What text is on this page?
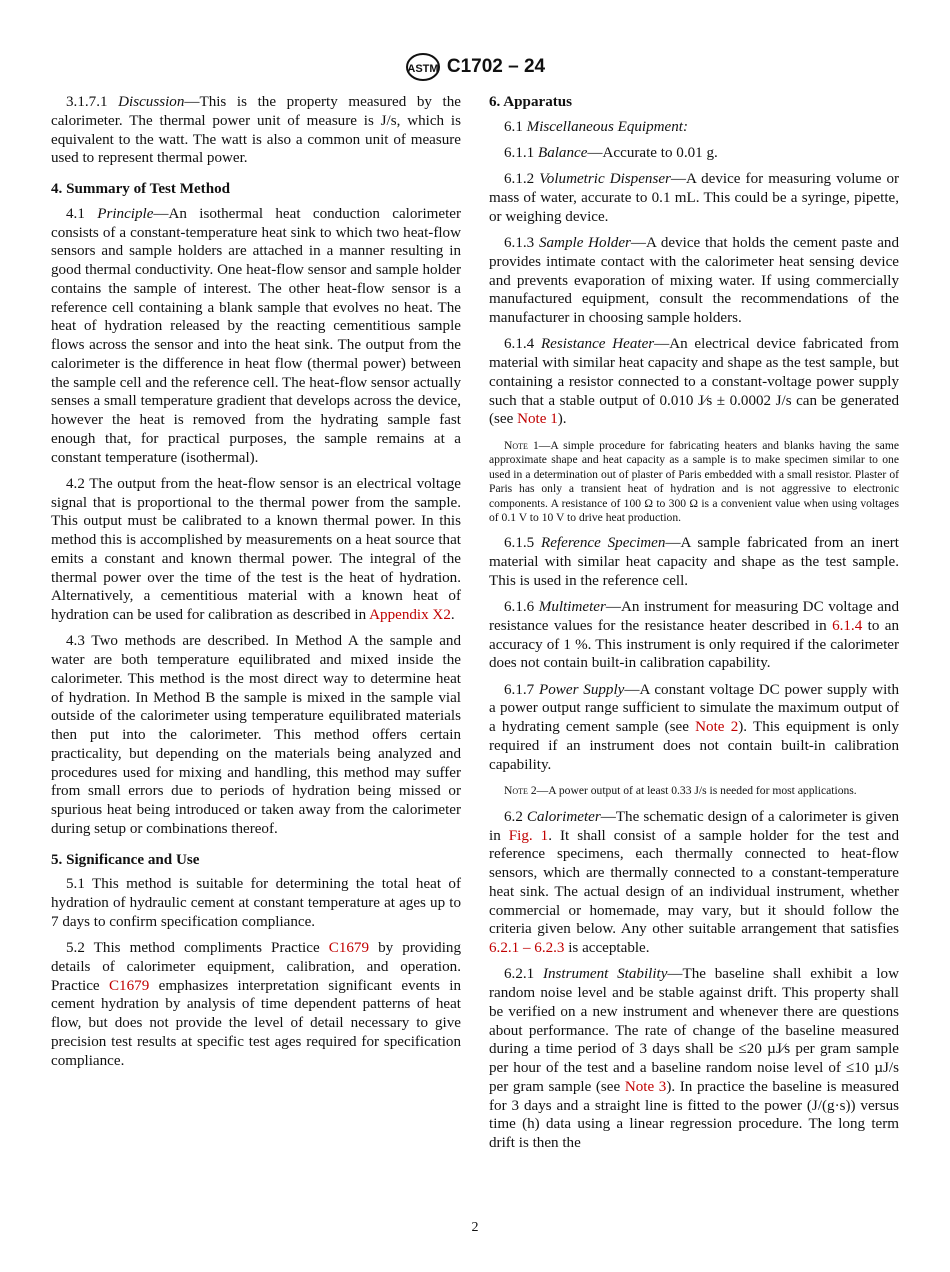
ASTM C1702 – 24
3.1.7.1 Discussion—This is the property measured by the calorimeter. The thermal power unit of measure is J/s, which is equivalent to the watt. The watt is also a common unit of measure used to represent thermal power.
4. Summary of Test Method
4.1 Principle—An isothermal heat conduction calorimeter consists of a constant-temperature heat sink to which two heat-flow sensors and sample holders are attached in a manner resulting in good thermal conductivity. One heat-flow sensor and sample holder contains the sample of interest. The other heat-flow sensor is a reference cell containing a blank sample that evolves no heat. The heat of hydration released by the reacting cementitious sample flows across the sensor and into the heat sink. The output from the calorimeter is the difference in heat flow (thermal power) between the sample cell and the reference cell. The heat-flow sensor actually senses a small temperature gradient that develops across the device, however the heat is removed from the hydrating sample fast enough that, for practical purposes, the sample remains at a constant temperature (isothermal).
4.2 The output from the heat-flow sensor is an electrical voltage signal that is proportional to the thermal power from the sample. This output must be calibrated to a known thermal power. In this method this is accomplished by measurements on a heat source that emits a constant and known thermal power. The integral of the thermal power over the time of the test is the heat of hydration. Alternatively, a cementitious material with a known heat of hydration can be used for calibration as described in Appendix X2.
4.3 Two methods are described. In Method A the sample and water are both temperature equilibrated and mixed inside the calorimeter. This method is the most direct way to determine heat of hydration. In Method B the sample is mixed in the sample vial outside of the calorimeter using temperature equilibrated materials then put into the calorimeter. This method offers certain practicality, but depending on the materials being analyzed and procedures used for mixing and handling, this method may suffer from small errors due to periods of hydration being missed or spurious heat being introduced or taken away from the calorimeter during setup or combinations thereof.
5. Significance and Use
5.1 This method is suitable for determining the total heat of hydration of hydraulic cement at constant temperature at ages up to 7 days to confirm specification compliance.
5.2 This method compliments Practice C1679 by providing details of calorimeter equipment, calibration, and operation. Practice C1679 emphasizes interpretation significant events in cement hydration by analysis of time dependent patterns of heat flow, but does not provide the level of detail necessary to give precision test results at specific test ages required for specification compliance.
6. Apparatus
6.1 Miscellaneous Equipment:
6.1.1 Balance—Accurate to 0.01 g.
6.1.2 Volumetric Dispenser—A device for measuring volume or mass of water, accurate to 0.1 mL. This could be a syringe, pipette, or weighing device.
6.1.3 Sample Holder—A device that holds the cement paste and provides intimate contact with the calorimeter heat sensing device and prevents evaporation of mixing water. If using commercially manufactured equipment, consult the recommendations of the manufacturer in choosing sample holders.
6.1.4 Resistance Heater—An electrical device fabricated from material with similar heat capacity and shape as the test sample, but containing a resistor connected to a constant-voltage power supply such that a stable output of 0.010 J⁄s ± 0.0002 J/s can be generated (see Note 1).
Note 1—A simple procedure for fabricating heaters and blanks having the same approximate shape and heat capacity as a sample is to make specimen similar to one used in a determination out of plaster of Paris embedded with a small resistor. Plaster of Paris has only a transient heat of hydration and is not aggressive to electronic components. A resistance of 100 Ω to 300 Ω is a convenient value when using voltages of 0.1 V to 10 V to drive heat production.
6.1.5 Reference Specimen—A sample fabricated from an inert material with similar heat capacity and shape as the test sample. This is used in the reference cell.
6.1.6 Multimeter—An instrument for measuring DC voltage and resistance values for the resistance heater described in 6.1.4 to an accuracy of 1 %. This instrument is only required if the calorimeter does not contain built-in calibration capability.
6.1.7 Power Supply—A constant voltage DC power supply with a power output range sufficient to simulate the maximum output of a hydrating cement sample (see Note 2). This equipment is only required if an instrument does not contain built-in calibration capability.
Note 2—A power output of at least 0.33 J/s is needed for most applications.
6.2 Calorimeter—The schematic design of a calorimeter is given in Fig. 1. It shall consist of a sample holder for the test and reference specimens, each thermally connected to heat-flow sensors, which are thermally connected to a constant-temperature heat sink. The actual design of an individual instrument, whether commercial or homemade, may vary, but it should follow the criteria given below. Any other suitable arrangement that satisfies 6.2.1 – 6.2.3 is acceptable.
6.2.1 Instrument Stability—The baseline shall exhibit a low random noise level and be stable against drift. This property shall be verified on a new instrument and whenever there are questions about performance. The rate of change of the baseline measured during a time period of 3 days shall be ≤20 µJ⁄s per gram sample per hour of the test and a baseline random noise level of ≤10 µJ/s per gram sample (see Note 3). In practice the baseline is measured for 3 days and a straight line is fitted to the power (J/(g·s)) versus time (h) data using a linear regression procedure. The long term drift is then the
2
